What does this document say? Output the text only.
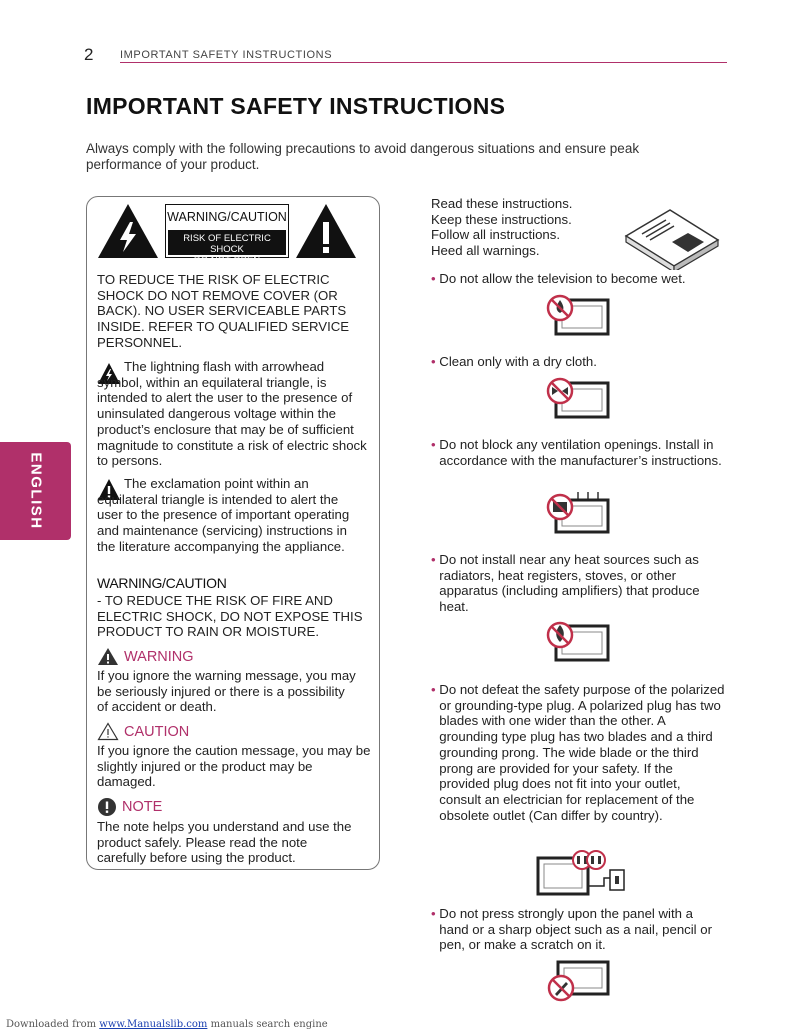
2 IMPORTANT SAFETY INSTRUCTIONS
IMPORTANT SAFETY INSTRUCTIONS
Always comply with the following precautions to avoid dangerous situations and ensure peak performance of your product.
ENGLISH
WARNING/CAUTION
RISK OF ELECTRIC SHOCK
DO NOT OPEN
TO REDUCE THE RISK OF ELECTRIC SHOCK DO NOT REMOVE COVER (OR BACK). NO USER SERVICEABLE PARTS INSIDE. REFER TO QUALIFIED SERVICE PERSONNEL.
The lightning flash with arrowhead symbol, within an equilateral triangle, is intended to alert the user to the presence of uninsulated dangerous voltage within the product’s enclosure that may be of sufficient magnitude to constitute a risk of electric shock to persons.
The exclamation point within an equilateral triangle is intended to alert the user to the presence of important operating and maintenance (servicing) instructions in the literature accompanying the appliance.
WARNING/CAUTION
- TO REDUCE THE RISK OF FIRE AND ELECTRIC SHOCK, DO NOT EXPOSE THIS PRODUCT TO RAIN OR MOISTURE.
WARNING
If you ignore the warning message, you may be seriously injured or there is a possibility of accident or death.
CAUTION
If you ignore the caution message, you may be slightly injured or the product may be damaged.
NOTE
The note helps you understand and use the product safely. Please read the note carefully before using the product.
Read these instructions.
Keep these instructions.
Follow all instructions.
Heed all warnings.
• Do not allow the television to become wet.
• Clean only with a dry cloth.
• Do not block any ventilation openings. Install in accordance with the manufacturer’s instructions.
• Do not install near any heat sources such as radiators, heat registers, stoves, or other apparatus (including amplifiers) that produce heat.
• Do not defeat the safety purpose of the polarized or grounding-type plug. A polarized plug has two blades with one wider than the other. A grounding type plug has two blades and a third grounding prong. The wide blade or the third prong are provided for your safety. If the provided plug does not fit into your outlet, consult an electrician for replacement of the obsolete outlet (Can differ by country).
• Do not press strongly upon the panel with a hand or a sharp object such as a nail, pencil or pen, or make a scratch on it.
Downloaded from www.Manualslib.com manuals search engine
